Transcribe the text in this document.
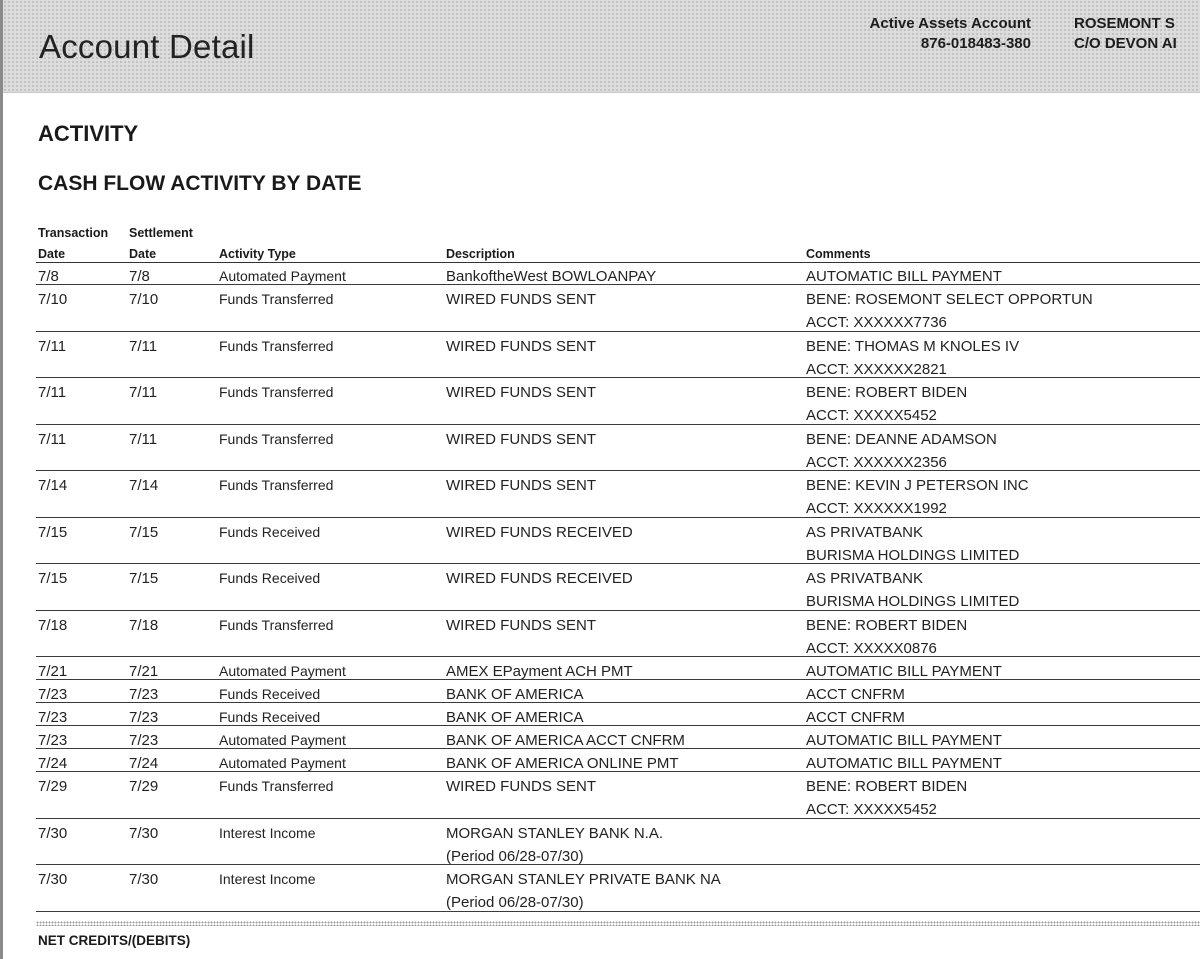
Account Detail
Active Assets Account
876-018483-380
ROSEMONT S
C/O DEVON AI
ACTIVITY
CASH FLOW ACTIVITY BY DATE
Transaction Settlement
Date	Date	Activity Type	Description	Comments
7/8	7/8	Automated Payment	BankoftheWest BOWLOANPAY	AUTOMATIC BILL PAYMENT
7/10	7/10	Funds Transferred	WIRED FUNDS SENT	BENE: ROSEMONT SELECT OPPORTUN
ACCT: XXXXXX7736
7/11	7/11	Funds Transferred	WIRED FUNDS SENT	BENE: THOMAS M KNOLES IV
ACCT: XXXXXX2821
7/11	7/11	Funds Transferred	WIRED FUNDS SENT	BENE: ROBERT BIDEN
ACCT: XXXXX5452
7/11	7/11	Funds Transferred	WIRED FUNDS SENT	BENE: DEANNE ADAMSON
ACCT: XXXXXX2356
7/14	7/14	Funds Transferred	WIRED FUNDS SENT	BENE: KEVIN J PETERSON INC
ACCT: XXXXXX1992
7/15	7/15	Funds Received	WIRED FUNDS RECEIVED	AS PRIVATBANK
BURISMA HOLDINGS LIMITED
7/15	7/15	Funds Received	WIRED FUNDS RECEIVED	AS PRIVATBANK
BURISMA HOLDINGS LIMITED
7/18	7/18	Funds Transferred	WIRED FUNDS SENT	BENE: ROBERT BIDEN
ACCT: XXXXX0876
7/21	7/21	Automated Payment	AMEX EPayment ACH PMT	AUTOMATIC BILL PAYMENT
7/23	7/23	Funds Received	BANK OF AMERICA	ACCT CNFRM
7/23	7/23	Funds Received	BANK OF AMERICA	ACCT CNFRM
7/23	7/23	Automated Payment	BANK OF AMERICA ACCT CNFRM	AUTOMATIC BILL PAYMENT
7/24	7/24	Automated Payment	BANK OF AMERICA ONLINE PMT	AUTOMATIC BILL PAYMENT
7/29	7/29	Funds Transferred	WIRED FUNDS SENT	BENE: ROBERT BIDEN
ACCT: XXXXX5452
7/30	7/30	Interest Income	MORGAN STANLEY BANK N.A.
(Period 06/28-07/30)
7/30	7/30	Interest Income	MORGAN STANLEY PRIVATE BANK NA
(Period 06/28-07/30)
NET CREDITS/(DEBITS)
